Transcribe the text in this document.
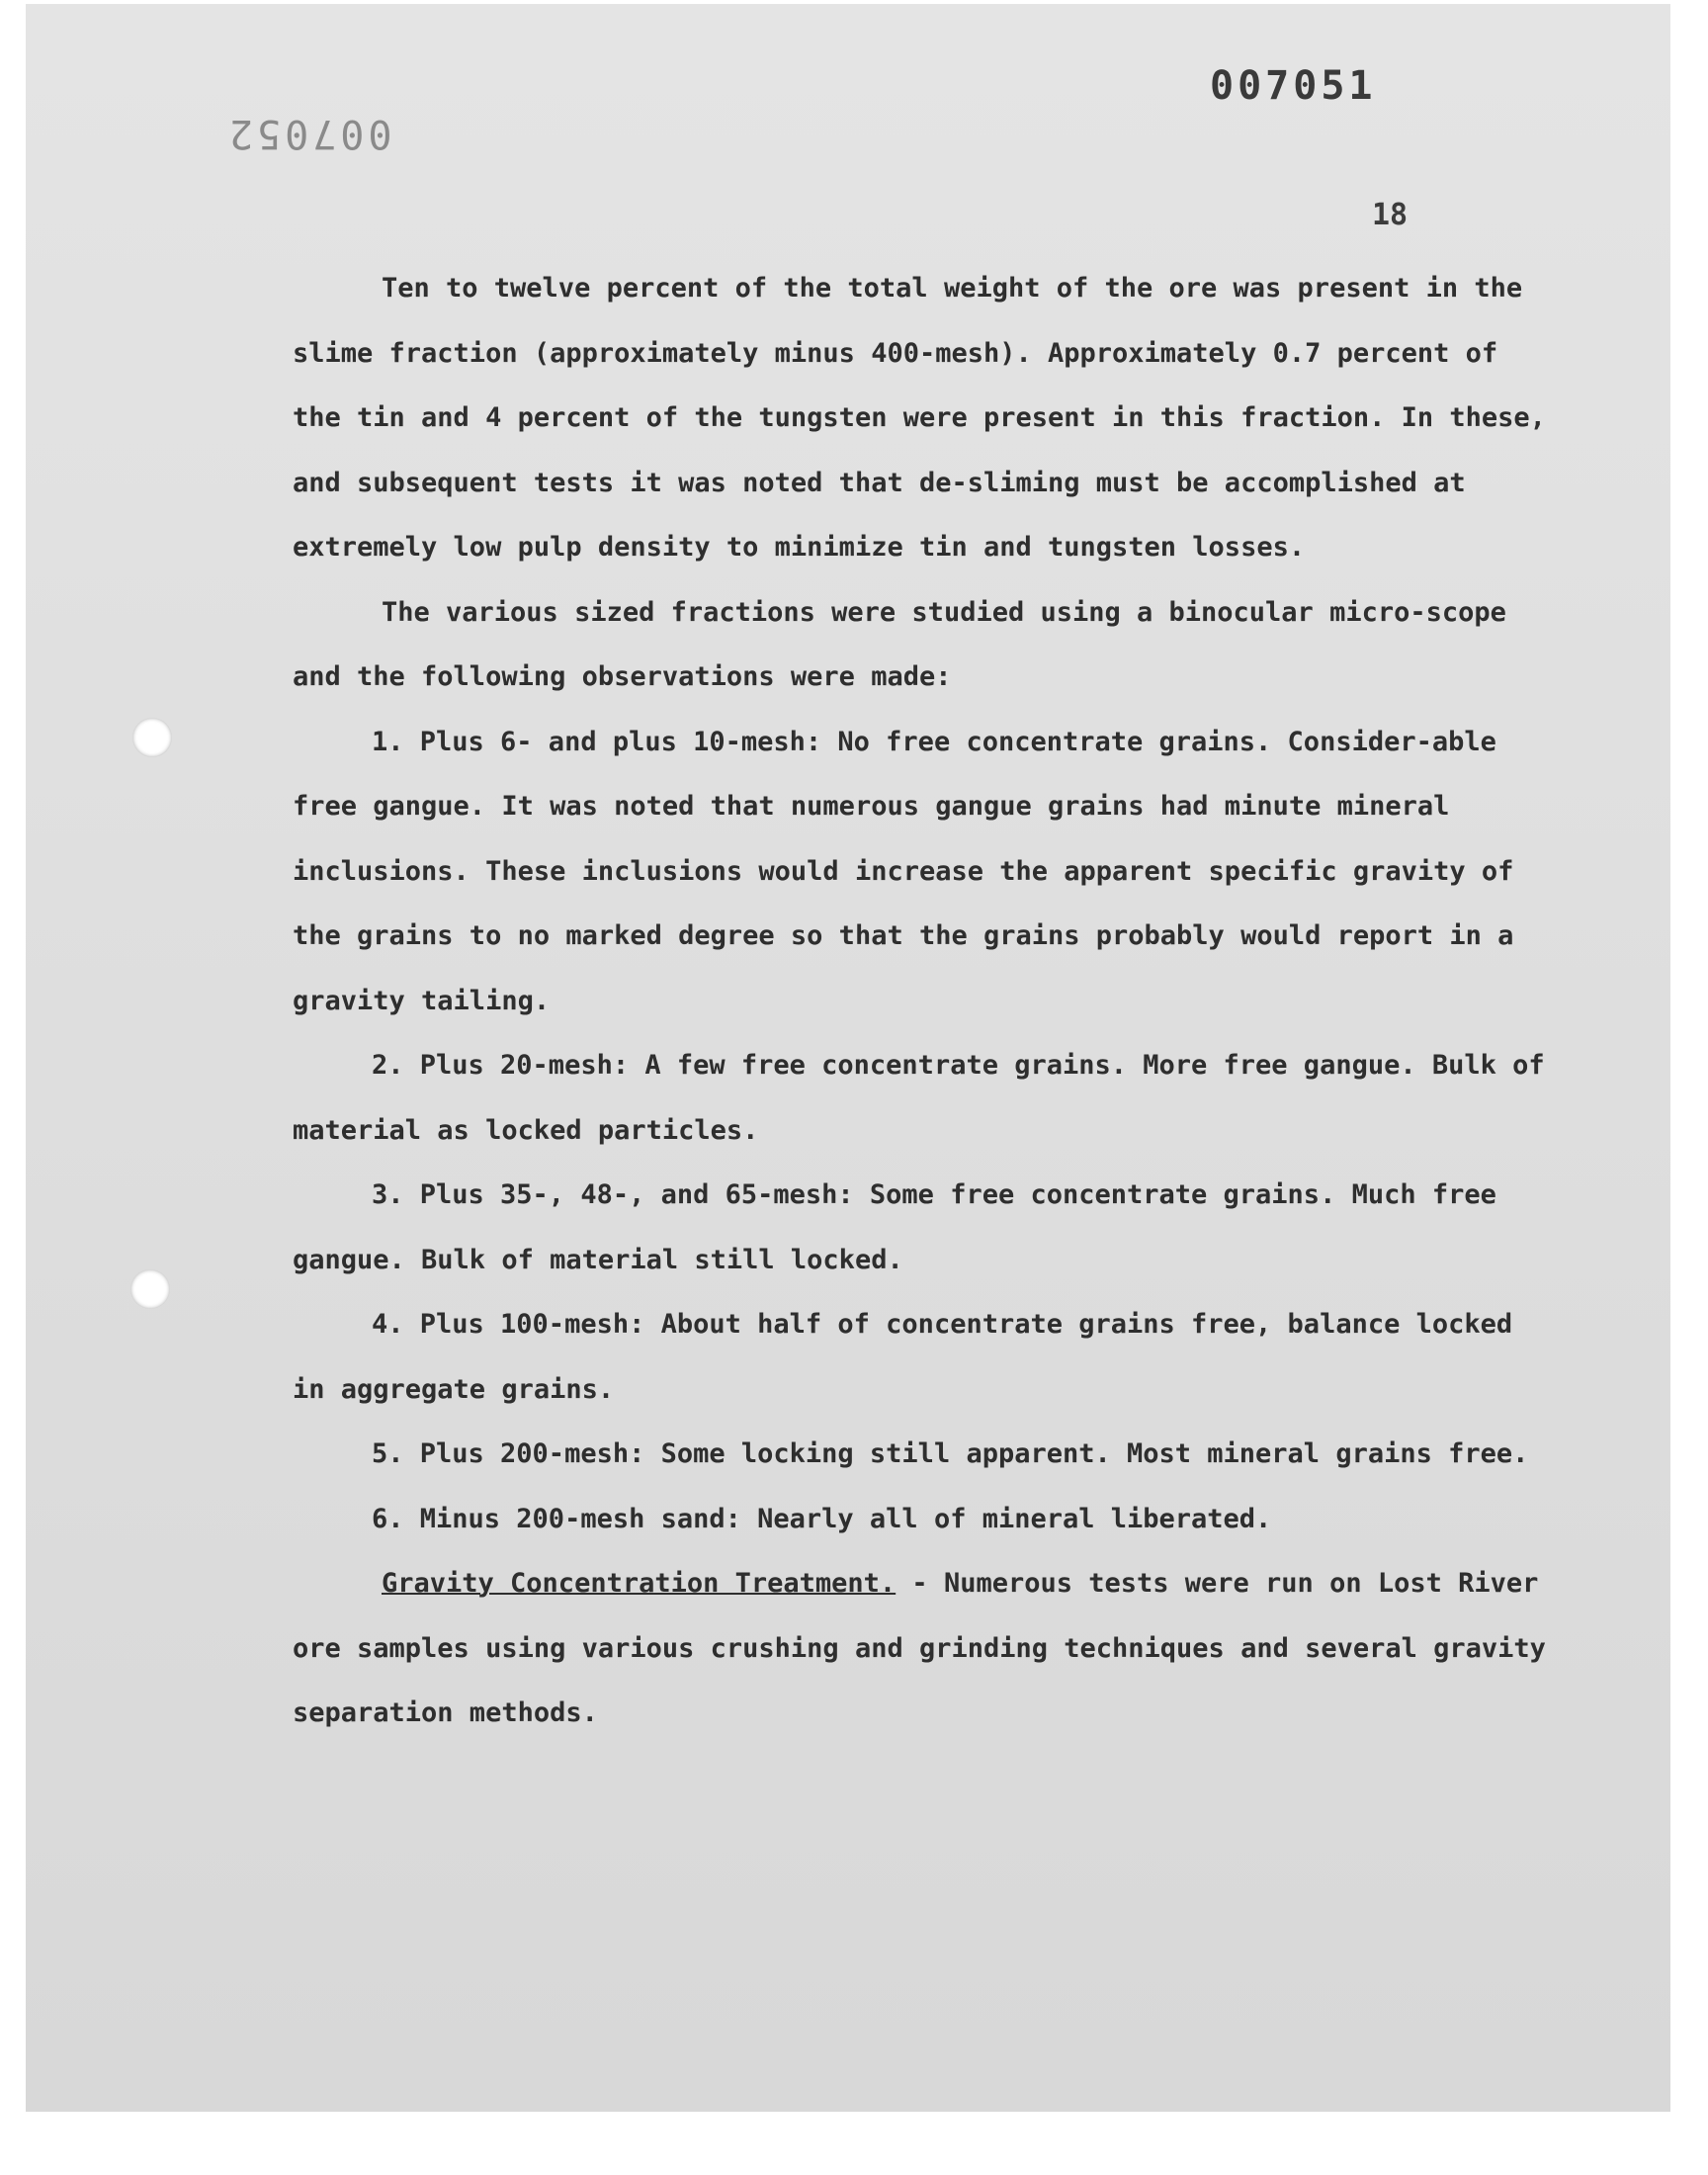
007051
007052
18

Ten to twelve percent of the total weight of the ore was present in the slime fraction (approximately minus 400-mesh). Approximately 0.7 percent of the tin and 4 percent of the tungsten were present in this fraction. In these, and subsequent tests it was noted that de-sliming must be accomplished at extremely low pulp density to minimize tin and tungsten losses.

The various sized fractions were studied using a binocular micro-scope and the following observations were made:

1. Plus 6- and plus 10-mesh: No free concentrate grains. Consider-able free gangue. It was noted that numerous gangue grains had minute mineral inclusions. These inclusions would increase the apparent specific gravity of the grains to no marked degree so that the grains probably would report in a gravity tailing.

2. Plus 20-mesh: A few free concentrate grains. More free gangue. Bulk of material as locked particles.

3. Plus 35-, 48-, and 65-mesh: Some free concentrate grains. Much free gangue. Bulk of material still locked.

4. Plus 100-mesh: About half of concentrate grains free, balance locked in aggregate grains.

5. Plus 200-mesh: Some locking still apparent. Most mineral grains free.

6. Minus 200-mesh sand: Nearly all of mineral liberated.

Gravity Concentration Treatment. - Numerous tests were run on Lost River ore samples using various crushing and grinding techniques and several gravity separation methods.
